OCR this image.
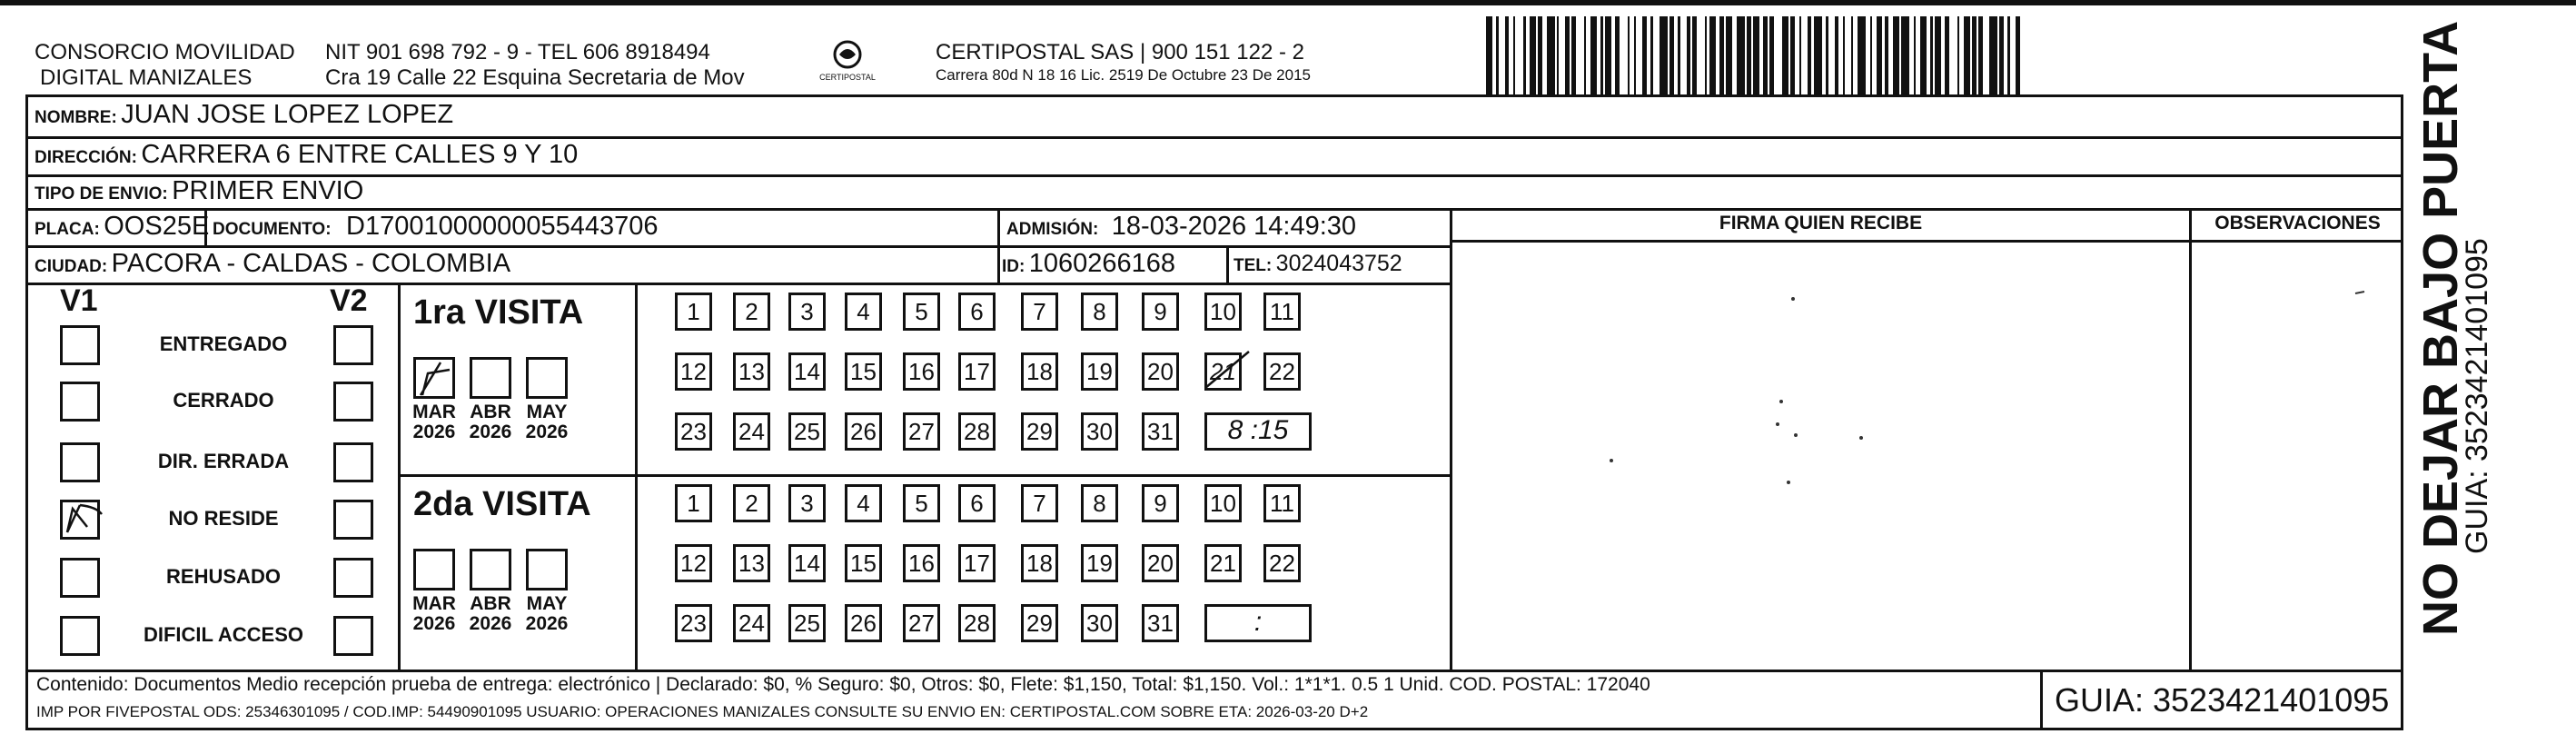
CONSORCIO MOVILIDAD
DIGITAL MANIZALES
NIT 901 698 792 - 9 - TEL 606 8918494
Cra 19 Calle 22 Esquina Secretaria de Mov	CERTIPOSTAL
CERTIPOSTAL SAS | 900 151 122 - 2
Carrera 80d N 18 16 Lic. 2519 De Octubre 23 De 2015
NOMBRE: JUAN JOSE LOPEZ LOPEZ
DIRECCIÓN: CARRERA 6 ENTRE CALLES 9 Y 10
TIPO DE ENVIO: PRIMER ENVIO
PLACA: OOS25E DOCUMENTO: D17001000000055443706	ADMISIÓN: 18-03-2026 14:49:30
CIUDAD: PACORA - CALDAS - COLOMBIA	ID: 1060266168	TEL: 3024043752
FIRMA QUIEN RECIBE	OBSERVACIONES
V1	V2
ENTREGADO
CERRADO
DIR. ERRADA
NO RESIDE
REHUSADO
DIFICIL ACCESO
1ra VISITA
MAR
2026
ABR
2026
MAY
2026
1	2	3	4	5	6	7	8	9	10 11
12 13 14 15 16 17 18 19 20 21 22
23 24 25 26 27 28 29 30 31	8 :15
2da VISITA
MAR
2026
ABR
2026
MAY
2026
1	2	3	4	5	6	7	8	9	10 11
12 13 14 15 16 17 18 19 20 21 22
23 24 25 26 27 28 29 30 31	:
Contenido: Documentos Medio recepción prueba de entrega: electrónico | Declarado: $0, % Seguro: $0, Otros: $0, Flete: $1,150, Total: $1,150. Vol.: 1*1*1. 0.5 1 Unid. COD. POSTAL: 172040
IMP POR FIVEPOSTAL ODS: 25346301095 / COD.IMP: 54490901095 USUARIO: OPERACIONES MANIZALES CONSULTE SU ENVIO EN: CERTIPOSTAL.COM SOBRE ETA: 2026-03-20 D+2	GUIA: 3523421401095
NO DEJAR BAJO PUERTA
GUIA: 3523421401095
